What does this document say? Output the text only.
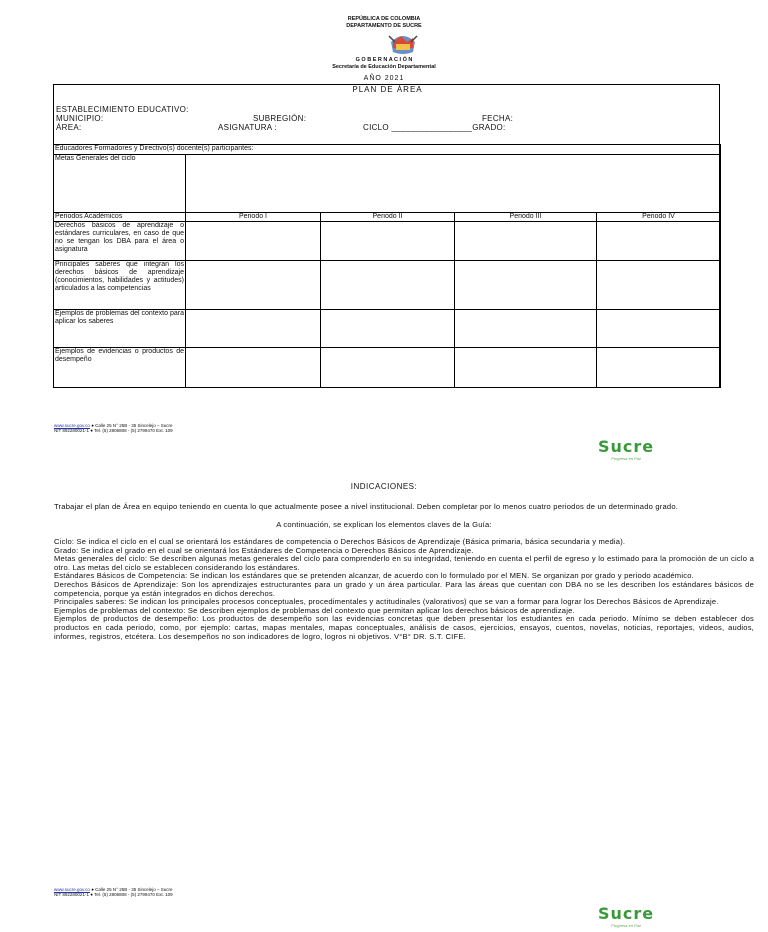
REPÚBLICA DE COLOMBIA
DEPARTAMENTO DE SUCRE
G O B E R N A C I Ó N
Secretaría de Educación Departamental
AÑO 2021
PLAN DE ÁREA
ESTABLECIMIENTO EDUCATIVO:
MUNICIPIO:	SUBREGIÓN:	FECHA:
ÁREA:	ASIGNATURA :	CICLO _________________GRADO:
Educadores Formadores y Directivo(s) docente(s) participantes:				
Metas Generales del ciclo				
Periodos Académicos	Periodo I	Periodo II	Periodo III	Periodo IV
Derechos básicos de aprendizaje o estándares curriculares, en caso de que no se tengan los DBA para el área o asignatura				
Principales saberes que integran los derechos básicos de aprendizaje (conocimientos, habilidades y actitudes) articulados a las competencias				
Ejemplos de problemas del contexto para aplicar los saberes				
Ejemplos de evidencias o productos de desempeño				
www.sucre.gov.co ● Calle 25 N° 25B - 35 Sincelejo – Sucre
NIT 892280021-1 ● Tel. (5) 2806808 - (5) 2799470 Ext. 109
Sucre
Progresa en Paz
INDICACIONES:
Trabajar el plan de Área en equipo teniendo en cuenta lo que actualmente posee a nivel institucional. Deben completar por lo menos cuatro periodos de un determinado grado.
A continuación, se explican los elementos claves de la Guía:
Ciclo: Se indica el ciclo en el cual se orientará los estándares de competencia o Derechos Básicos de Aprendizaje (Básica primaria, básica secundaria y media).
Grado: Se indica el grado en el cual se orientará los Estándares de Competencia o Derechos Básicos de Aprendizaje.
Metas generales del ciclo: Se describen algunas metas generales del ciclo para comprenderlo en su integridad, teniendo en cuenta el perfil de egreso y lo estimado para la promoción de un ciclo a otro. Las metas del ciclo se establecen considerando los estándares.
Estándares Básicos de Competencia: Se indican los estándares que se pretenden alcanzar, de acuerdo con lo formulado por el MEN. Se organizan por grado y periodo académico.
Derechos Básicos de Aprendizaje: Son los aprendizajes estructurantes para un grado y un área particular. Para las áreas que cuentan con DBA no se les describen los estándares básicos de competencia, porque ya están integrados en dichos derechos.
Principales saberes: Se indican los principales procesos conceptuales, procedimentales y actitudinales (valorativos) que se van a formar para lograr los Derechos Básicos de Aprendizaje.
Ejemplos de problemas del contexto: Se describen ejemplos de problemas del contexto que permitan aplicar los derechos básicos de aprendizaje.
Ejemplos de productos de desempeño: Los productos de desempeño son las evidencias concretas que deben presentar los estudiantes en cada periodo. Mínimo se deben establecer dos productos en cada periodo, como, por ejemplo: cartas, mapas mentales, mapas conceptuales, análisis de casos, ejercicios, ensayos, cuentos, novelas, noticias, reportajes, videos, audios, informes, registros, etcétera. Los desempeños no son indicadores de logro, logros ni objetivos. V°B° DR. S.T. CIFE.
www.sucre.gov.co ● Calle 25 N° 25B - 35 Sincelejo – Sucre
NIT 892280021-1 ● Tel. (5) 2806808 - (5) 2799470 Ext. 109
Sucre
Progresa en Paz
